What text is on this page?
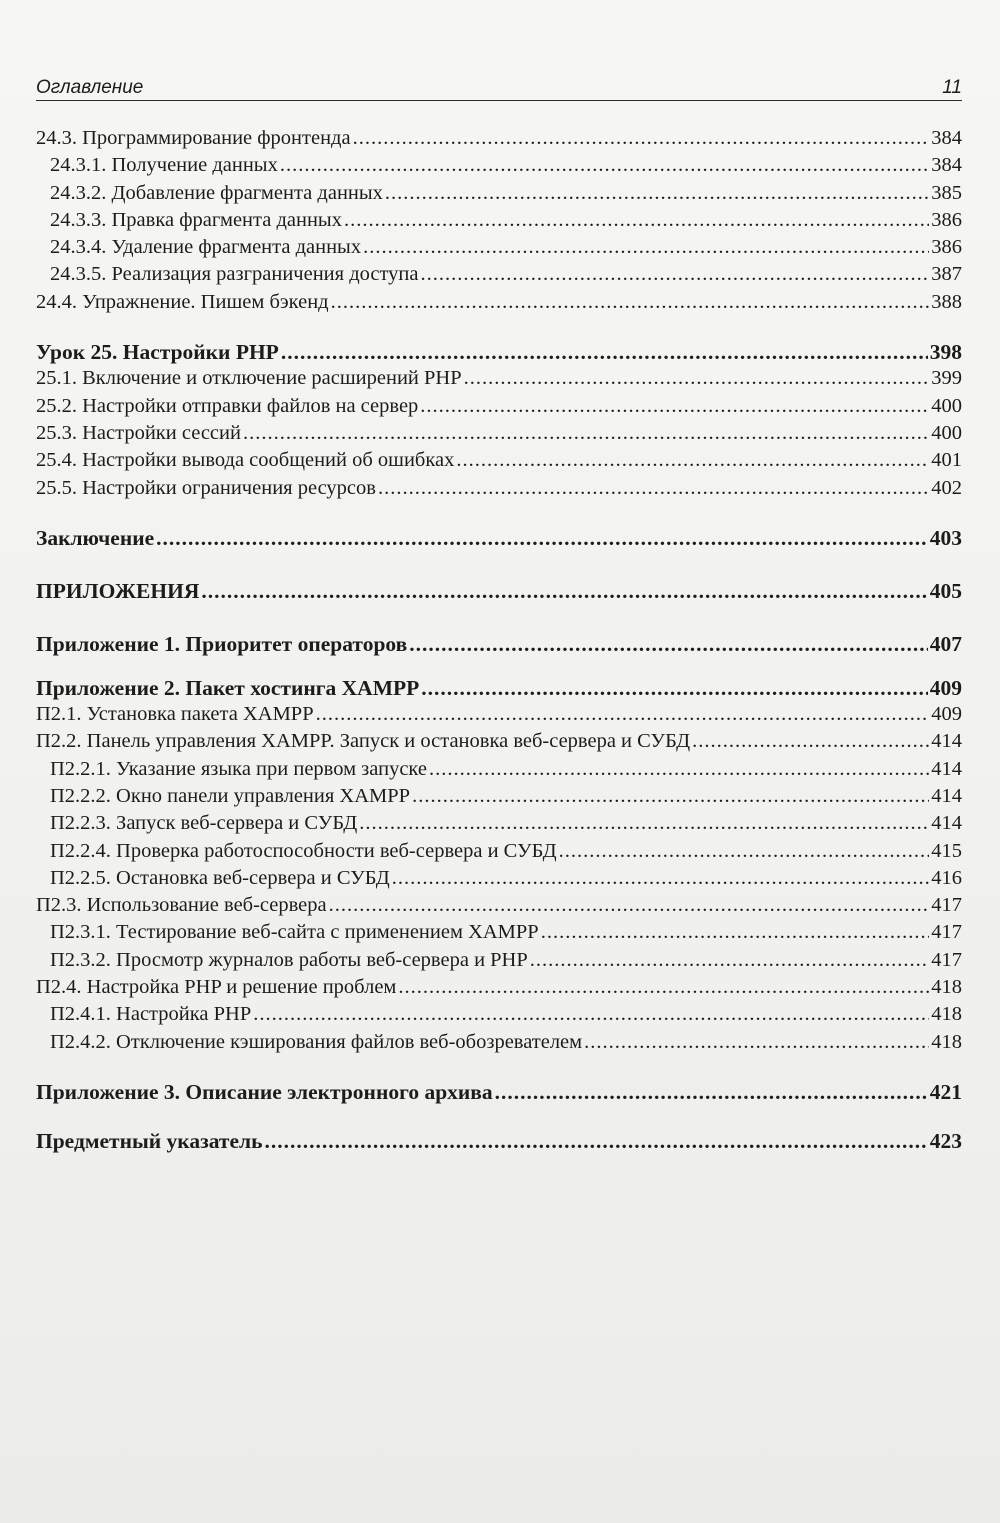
Оглавление	11
24.3. Программирование фронтенда .....	384
24.3.1. Получение данных .....	384
24.3.2. Добавление фрагмента данных .....	385
24.3.3. Правка фрагмента данных .....	386
24.3.4. Удаление фрагмента данных .....	386
24.3.5. Реализация разграничения доступа .....	387
24.4. Упражнение. Пишем бэкенд .....	388
Урок 25. Настройки PHP .....	398
25.1. Включение и отключение расширений PHP .....	399
25.2. Настройки отправки файлов на сервер .....	400
25.3. Настройки сессий .....	400
25.4. Настройки вывода сообщений об ошибках .....	401
25.5. Настройки ограничения ресурсов .....	402
Заключение .....	403
ПРИЛОЖЕНИЯ .....	405
Приложение 1. Приоритет операторов .....	407
Приложение 2. Пакет хостинга XAMPP .....	409
П2.1. Установка пакета XAMPP .....	409
П2.2. Панель управления XAMPP. Запуск и остановка веб-сервера и СУБД .....	414
П2.2.1. Указание языка при первом запуске .....	414
П2.2.2. Окно панели управления XAMPP .....	414
П2.2.3. Запуск веб-сервера и СУБД .....	414
П2.2.4. Проверка работоспособности веб-сервера и СУБД .....	415
П2.2.5. Остановка веб-сервера и СУБД .....	416
П2.3. Использование веб-сервера .....	417
П2.3.1. Тестирование веб-сайта с применением XAMPP .....	417
П2.3.2. Просмотр журналов работы веб-сервера и PHP .....	417
П2.4. Настройка PHP и решение проблем .....	418
П2.4.1. Настройка PHP .....	418
П2.4.2. Отключение кэширования файлов веб-обозревателем .....	418
Приложение 3. Описание электронного архива .....	421
Предметный указатель .....	423
